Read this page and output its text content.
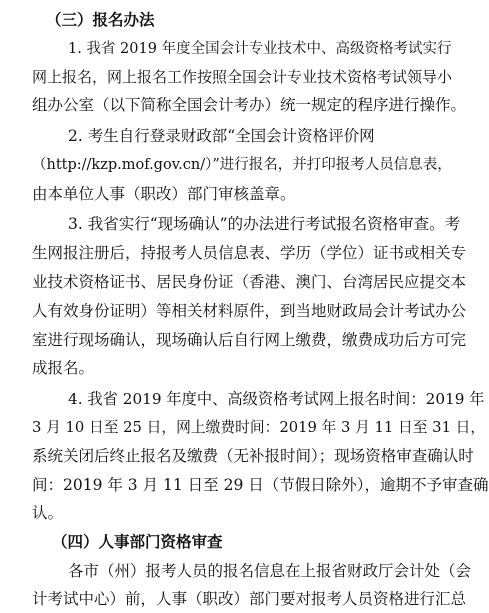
（三）报名办法
1. 我省 2019 年度全国会计专业技术中、高级资格考试实行
网上报名，网上报名工作按照全国会计专业技术资格考试领导小
组办公室（以下简称全国会计考办）统一规定的程序进行操作。
2. 考生自行登录财政部“全国会计资格评价网
（http://kzp.mof.gov.cn/）”进行报名，并打印报考人员信息表，
由本单位人事（职改）部门审核盖章。
3. 我省实行“现场确认”的办法进行考试报名资格审查。考
生网报注册后，持报考人员信息表、学历（学位）证书或相关专
业技术资格证书、居民身份证（香港、澳门、台湾居民应提交本
人有效身份证明）等相关材料原件，到当地财政局会计考试办公
室进行现场确认，现场确认后自行网上缴费，缴费成功后方可完
成报名。
4. 我省 2019 年度中、高级资格考试网上报名时间：2019 年
3 月 10 日至 25 日，网上缴费时间：2019 年 3 月 11 日至 31 日，
系统关闭后终止报名及缴费（无补报时间）；现场资格审查确认时
间：2019 年 3 月 11 日至 29 日（节假日除外），逾期不予审查确
认。
（四）人事部门资格审查
各市（州）报考人员的报名信息在上报省财政厅会计处（会
计考试中心）前，人事（职改）部门要对报考人员资格进行汇总
